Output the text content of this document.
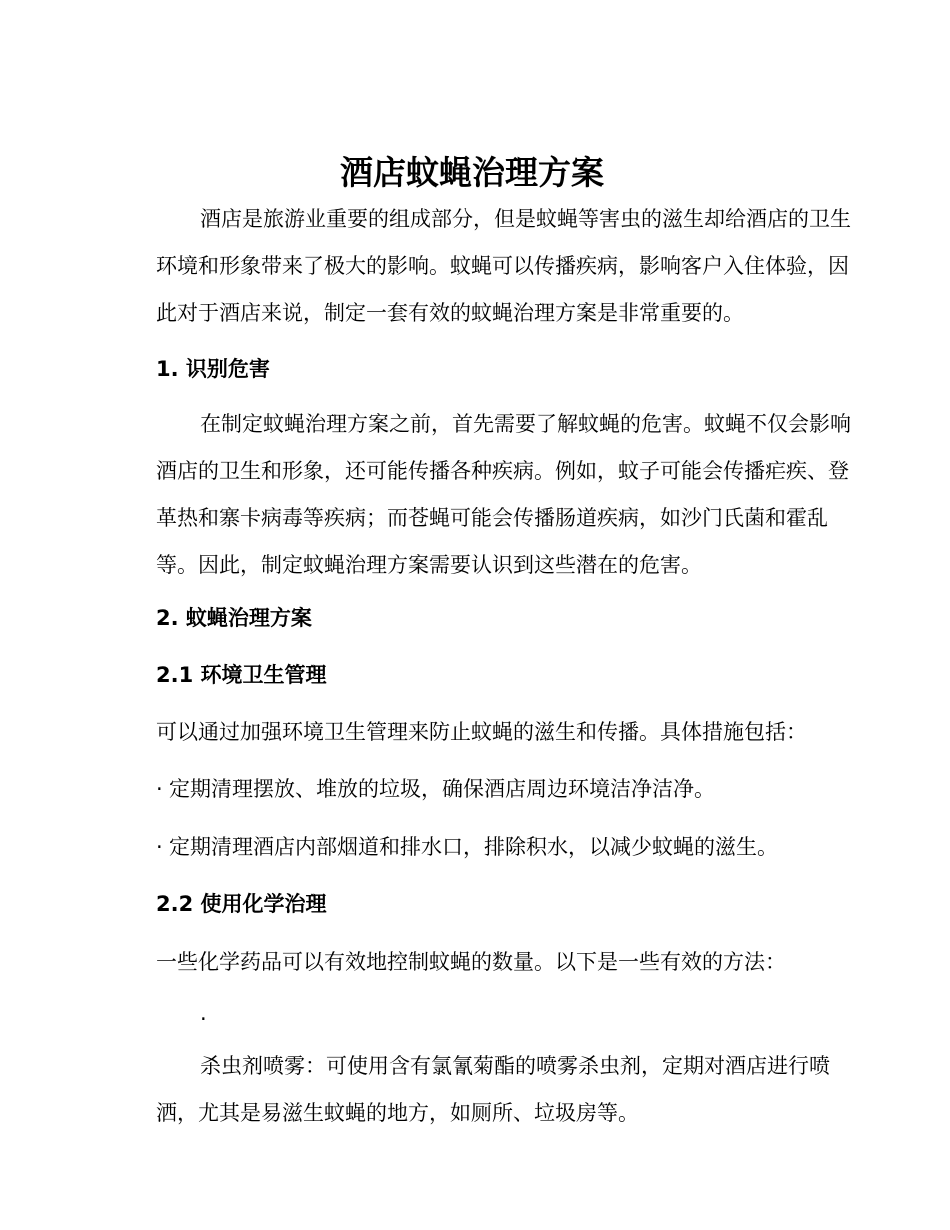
酒店蚊蝇治理方案
酒店是旅游业重要的组成部分，但是蚊蝇等害虫的滋生却给酒店的卫生
环境和形象带来了极大的影响。蚊蝇可以传播疾病，影响客户入住体验，因
此对于酒店来说，制定一套有效的蚊蝇治理方案是非常重要的。
1. 识别危害
在制定蚊蝇治理方案之前，首先需要了解蚊蝇的危害。蚊蝇不仅会影响
酒店的卫生和形象，还可能传播各种疾病。例如，蚊子可能会传播疟疾、登
革热和寨卡病毒等疾病；而苍蝇可能会传播肠道疾病，如沙门氏菌和霍乱
等。因此，制定蚊蝇治理方案需要认识到这些潜在的危害。
2. 蚊蝇治理方案
2.1 环境卫生管理

可以通过加强环境卫生管理来防止蚊蝇的滋生和传播。具体措施包括：

· 定期清理摆放、堆放的垃圾，确保酒店周边环境洁净洁净。

· 定期清理酒店内部烟道和排水口，排除积水，以减少蚊蝇的滋生。

2.2 使用化学治理

一些化学药品可以有效地控制蚊蝇的数量。以下是一些有效的方法：

·
杀虫剂喷雾：可使用含有氯氰菊酯的喷雾杀虫剂，定期对酒店进行喷
洒，尤其是易滋生蚊蝇的地方，如厕所、垃圾房等。
